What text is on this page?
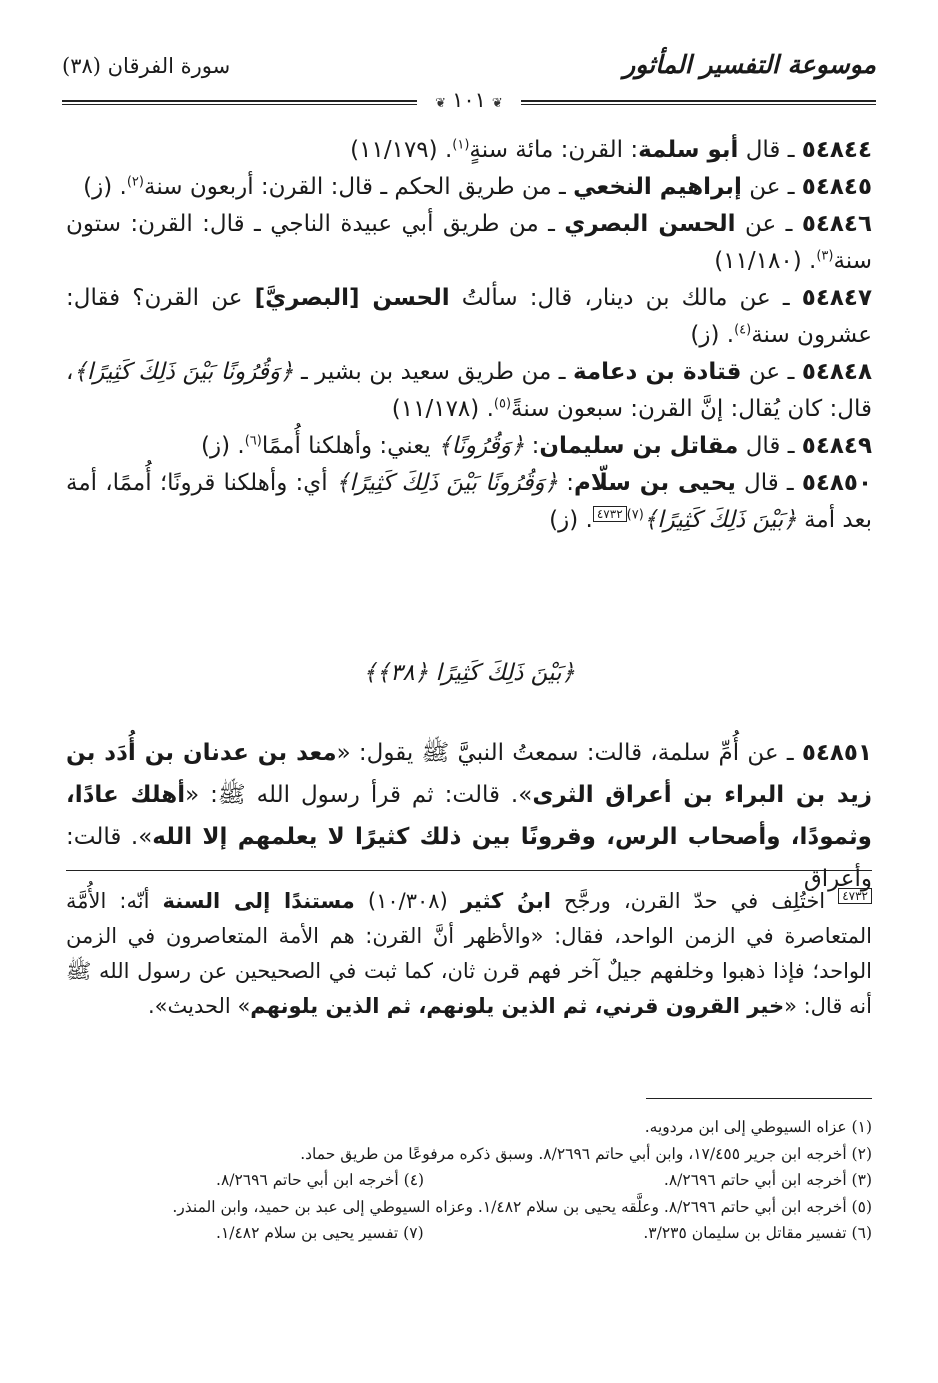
سورة الفرقان (٣٨)	موسوعة التفسير المأثور
❦ ١٠١ ❦

٥٤٨٤٤ ـ قال أبو سلمة: القرن: مائة سنةٍ$^{(١)}$. (١١/١٧٩)

٥٤٨٤٥ ـ عن إبراهيم النخعي ـ من طريق الحكم ـ قال: القرن: أربعون سنة$^{(٢)}$. (ز)

٥٤٨٤٦ ـ عن الحسن البصري ـ من طريق أبي عبيدة الناجي ـ قال: القرن: ستون سنة$^{(٣)}$. (١١/١٨٠)

٥٤٨٤٧ ـ عن مالك بن دينار، قال: سألتُ الحسن [البصريَّ] عن القرن؟ فقال: عشرون سنة$^{(٤)}$. (ز)

٥٤٨٤٨ ـ عن قتادة بن دعامة ـ من طريق سعيد بن بشير ـ ﴿وَقُرُونًا بَيْنَ ذَلِكَ كَثِيرًا﴾، قال: كان يُقال: إنَّ القرن: سبعون سنةً$^{(٥)}$. (١١/١٧٨)

٥٤٨٤٩ ـ قال مقاتل بن سليمان: ﴿وَقُرُونًا﴾ يعني: وأهلكنا أُممًا$^{(٦)}$. (ز)

٥٤٨٥٠ ـ قال يحيى بن سلّام: ﴿وَقُرُونًا بَيْنَ ذَلِكَ كَثِيرًا﴾ أي: وأهلكنا قرونًا؛ أُممًا، أمة بعد أمة ﴿بَيْنَ ذَلِكَ كَثِيرًا﴾$^{(٧)}$٤٧٣٢. (ز)

﴿بَيْنَ ذَلِكَ كَثِيرًا ﴿٣٨﴾﴾
٥٤٨٥١ ـ عن أُمِّ سلمة، قالت: سمعتُ النبيَّ ﷺ يقول: «معد بن عدنان بن أُدَد بن زيد بن البراء بن أعراق الثرى». قالت: ثم قرأ رسول الله ﷺ: «أهلك عادًا، وثمودًا، وأصحاب الرس، وقرونًا بين ذلك كثيرًا لا يعلمهم إلا الله». قالت: وأعراق
٤٧٣٢ اختُلِف في حدّ القرن، ورجَّح ابنُ كثير (١٠/٣٠٨) مستندًا إلى السنة أنّه: الأُمَّة المتعاصرة في الزمن الواحد، فقال: «والأظهر أنَّ القرن: هم الأمة المتعاصرون في الزمن الواحد؛ فإذا ذهبوا وخلفهم جيلٌ آخر فهم قرن ثان، كما ثبت في الصحيحين عن رسول الله ﷺ أنه قال: «خير القرون قرني، ثم الذين يلونهم، ثم الذين يلونهم» الحديث».
(١) عزاه السيوطي إلى ابن مردويه.
(٢) أخرجه ابن جرير ١٧/٤٥٥، وابن أبي حاتم ٨/٢٦٩٦. وسبق ذكره مرفوعًا من طريق حماد.
(٣) أخرجه ابن أبي حاتم ٨/٢٦٩٦.
(٤) أخرجه ابن أبي حاتم ٨/٢٦٩٦.
(٥) أخرجه ابن أبي حاتم ٨/٢٦٩٦. وعلَّقه يحيى بن سلام ١/٤٨٢. وعزاه السيوطي إلى عبد بن حميد، وابن المنذر.
(٦) تفسير مقاتل بن سليمان ٣/٢٣٥.
(٧) تفسير يحيى بن سلام ١/٤٨٢.
